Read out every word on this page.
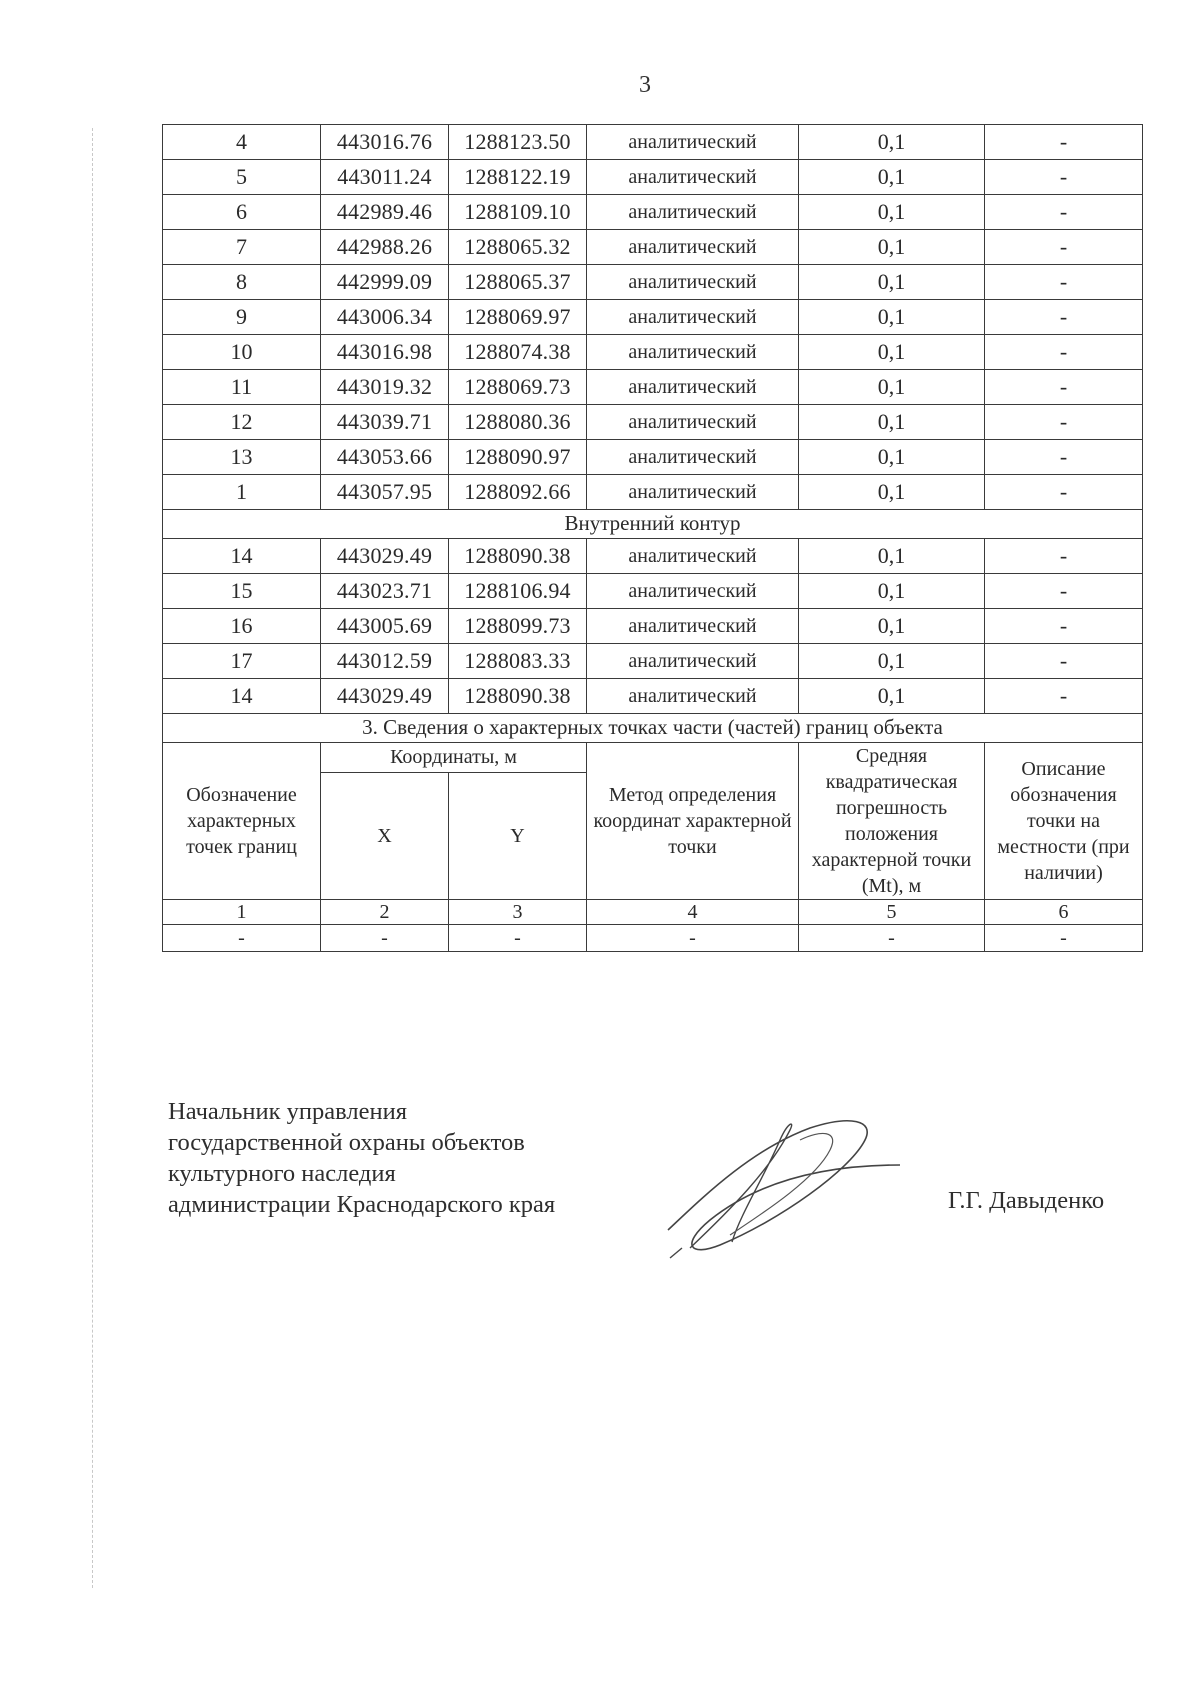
3
4	443016.76	1288123.50	аналитический	0,1	-
5	443011.24	1288122.19	аналитический	0,1	-
6	442989.46	1288109.10	аналитический	0,1	-
7	442988.26	1288065.32	аналитический	0,1	-
8	442999.09	1288065.37	аналитический	0,1	-
9	443006.34	1288069.97	аналитический	0,1	-
10	443016.98	1288074.38	аналитический	0,1	-
11	443019.32	1288069.73	аналитический	0,1	-
12	443039.71	1288080.36	аналитический	0,1	-
13	443053.66	1288090.97	аналитический	0,1	-
1	443057.95	1288092.66	аналитический	0,1	-
Внутренний контур					
14	443029.49	1288090.38	аналитический	0,1	-
15	443023.71	1288106.94	аналитический	0,1	-
16	443005.69	1288099.73	аналитический	0,1	-
17	443012.59	1288083.33	аналитический	0,1	-
14	443029.49	1288090.38	аналитический	0,1	-
3. Сведения о характерных точках части (частей) границ объекта					
Обозначение характерных точек границ	Координаты, м		Метод определения координат характерной точки	Средняя квадратическая погрешность положения характерной точки (Mt), м	Описание обозначения точки на местности (при наличии)
	X	Y			
1	2	3	4	5	6
-	-	-	-	-	-
Начальник управления
государственной охраны объектов
культурного наследия
администрации Краснодарского края	Г.Г. Давыденко
